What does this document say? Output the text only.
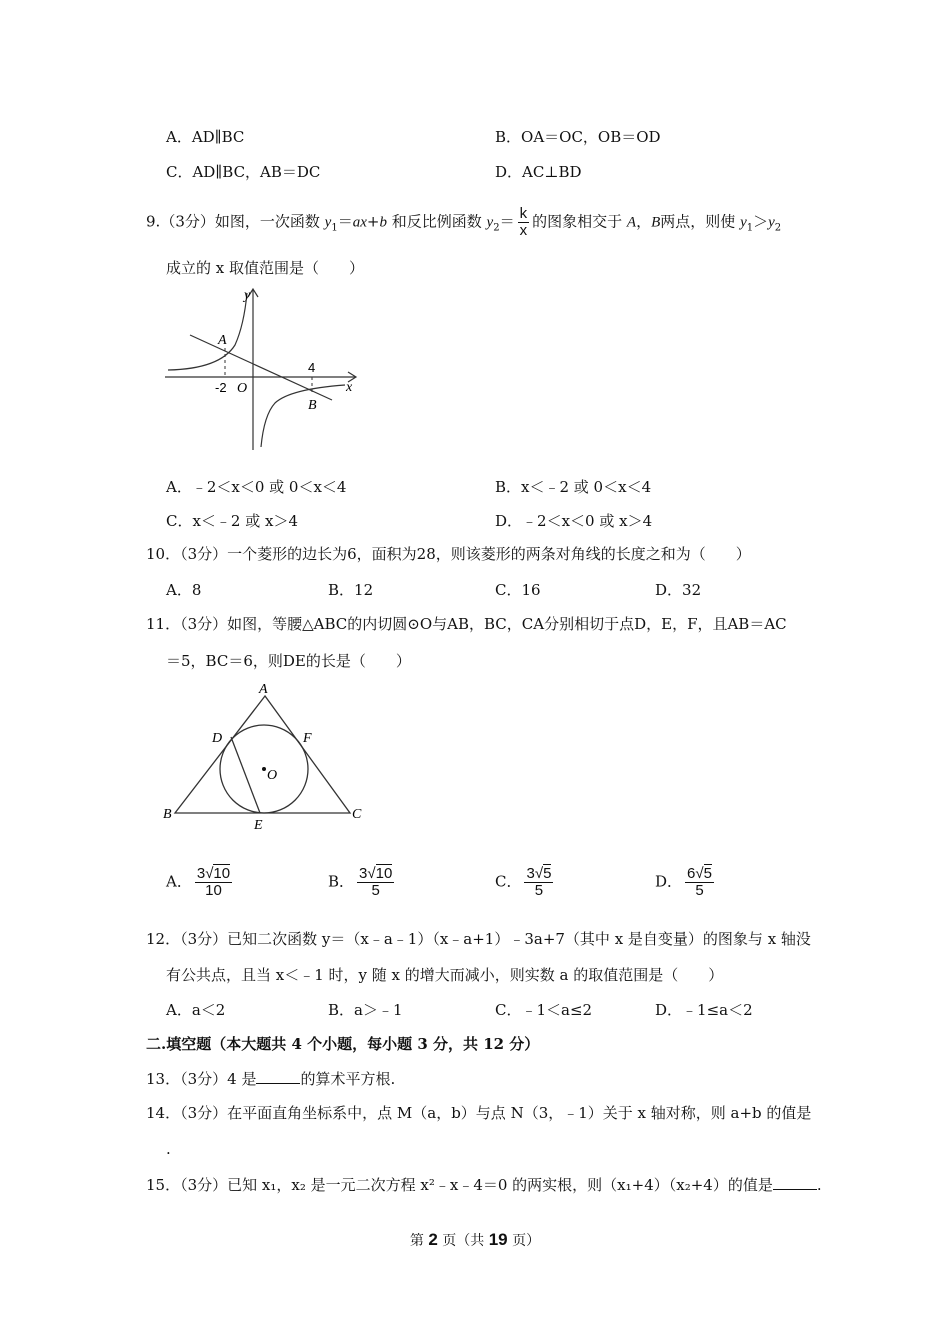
A．AD∥BC	B．OA＝OC，OB＝OD
C．AD∥BC，AB＝DC	D．AC⊥BD
9.（3分）如图，一次函数 $y_1=ax+b$ 和反比例函数 $y_2= \frac{k}{x}$ 的图象相交于 A，B两点，则使 $y_1>y_2$
成立的 x 取值范围是（　　）
y
x
A
B
O
-2
4
A．﹣2＜x＜0 或 0＜x＜4	B．x＜﹣2 或 0＜x＜4
C．x＜﹣2 或 x＞4	D．﹣2＜x＜0 或 x＞4
10．（3分）一个菱形的边长为6，面积为28，则该菱形的两条对角线的长度之和为（　　）
A．8	B．12	C．16	D．32
11．（3分）如图，等腰△ABC的内切圆⊙O与AB，BC，CA分别相切于点D，E，F，且AB＝AC
＝5，BC＝6，则DE的长是（　　）
A
B	C
D
E
F
O
A． $\frac{3√10}{10}$	B． $\frac{3√10}{5}$	C． $\frac{3√5}{5}$	D． $\frac{6√5}{5}$
12．（3分）已知二次函数 y＝（x﹣a﹣1）（x﹣a+1）﹣3a+7（其中 x 是自变量）的图象与 x 轴没
有公共点，且当 x＜﹣1 时，y 随 x 的增大而减小，则实数 a 的取值范围是（　　）
A．a＜2	B．a＞﹣1	C．﹣1＜a≤2	D．﹣1≤a＜2
二.填空题（本大题共 4 个小题，每小题 3 分，共 12 分）
13．（3分）4 是	的算术平方根.
14．（3分）在平面直角坐标系中，点 M（a，b）与点 N（3，﹣1）关于 x 轴对称，则 a+b 的值是
.
15．（3分）已知 x₁，x₂ 是一元二次方程 x²﹣x﹣4＝0 的两实根，则（x₁+4）（x₂+4）的值是	.
第 2 页（共 19 页）
